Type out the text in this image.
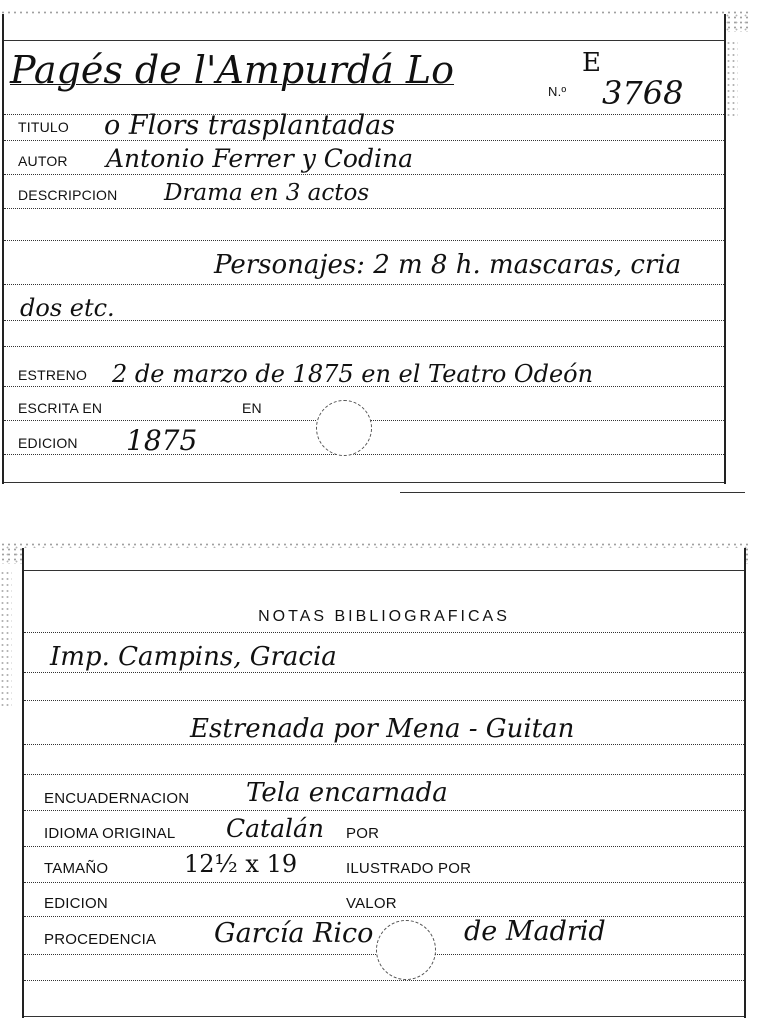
Pagés de l'Ampurdá Lo	N.º
E
3768
TITULO o Flors trasplantadas
AUTOR Antonio Ferrer y Codina
DESCRIPCION Drama en 3 actos
Personajes: 2 m 8 h. mascaras, cria
dos etc.
ESTRENO 2 de marzo de 1875 en el Teatro Odeón
ESCRITA EN	EN
EDICION 1875
NOTAS BIBLIOGRAFICAS
Imp. Campins, Gracia
Estrenada por Mena - Guitan
ENCUADERNACION Tela encarnada
IDIOMA ORIGINAL Catalán POR
TAMAÑO	12½ x 19	ILUSTRADO POR
EDICION	VALOR
PROCEDENCIA García Rico	de Madrid
